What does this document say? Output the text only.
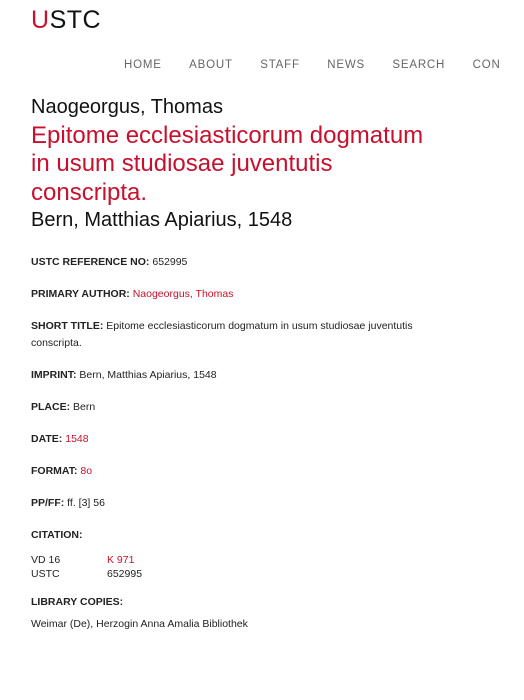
USTC
HOME ABOUT STAFF NEWS SEARCH CON
Naogeorgus, Thomas
Epitome ecclesiasticorum dogmatum in usum studiosae juventutis conscripta.
Bern, Matthias Apiarius, 1548
USTC REFERENCE NO: 652995
PRIMARY AUTHOR: Naogeorgus, Thomas
SHORT TITLE: Epitome ecclesiasticorum dogmatum in usum studiosae juventutis conscripta.
IMPRINT: Bern, Matthias Apiarius, 1548
PLACE: Bern
DATE: 1548
FORMAT: 8o
PP/FF: ff. [3] 56
CITATION:
VD 16	K 971
USTC	652995
LIBRARY COPIES:
Weimar (De), Herzogin Anna Amalia Bibliothek
